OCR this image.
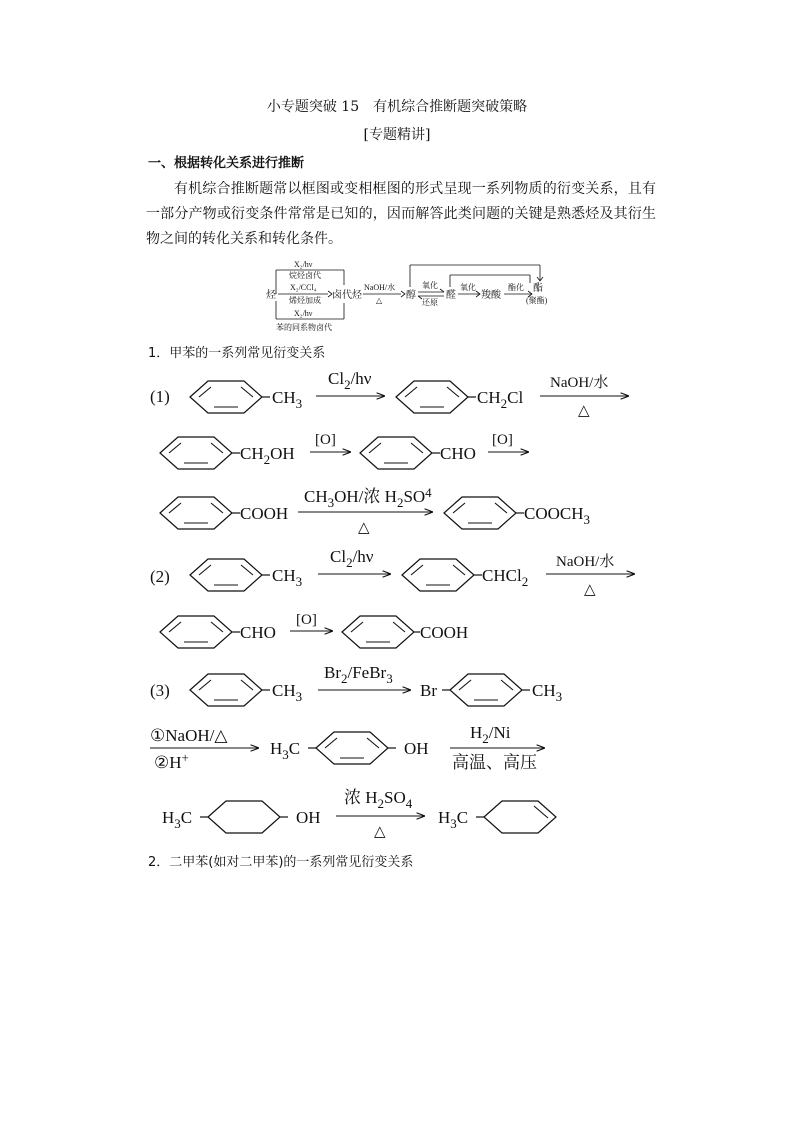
小专题突破 15　有机综合推断题突破策略
[专题精讲]
一、根据转化关系进行推断
有机综合推断题常以框图或变相框图的形式呈现一系列物质的衍变关系，且有一部分产物或衍变条件常常是已知的，因而解答此类问题的关键是熟悉烃及其衍生物之间的转化关系和转化条件。
烃
X₂/hν
烷烃卤代
X₂/CCl₄
烯烃加成
X₂/hν
苯的同系物卤代
卤代烃
NaOH/水
△ 醇
氧化
还原
醛
氧化
羧酸
酯化 酯
(聚酯)
1．甲苯的一系列常见衍变关系
(1)	$CH_3$
$Cl_2/h\nu$
$CH_2Cl$
NaOH/水
△
$CH_2OH$
[O]
CHO
[O]
COOH
$CH_3OH/$浓 $H_2SO^4$
△
$COOCH_3$
(2)	$CH_3$
$Cl_2/h\nu$
CHCl$_2$
NaOH/水
△
CHO
[O]
COOH
(3)	$CH_3$
$Br_2/FeBr_3$
Br	$CH_3$
①NaOH/△
②H+	$H_3C$	OH
$H_2/Ni$
高温、高压
$H_3C$	OH
浓 $H_2SO_4$
△
$H_3C$
2．二甲苯(如对二甲苯)的一系列常见衍变关系
